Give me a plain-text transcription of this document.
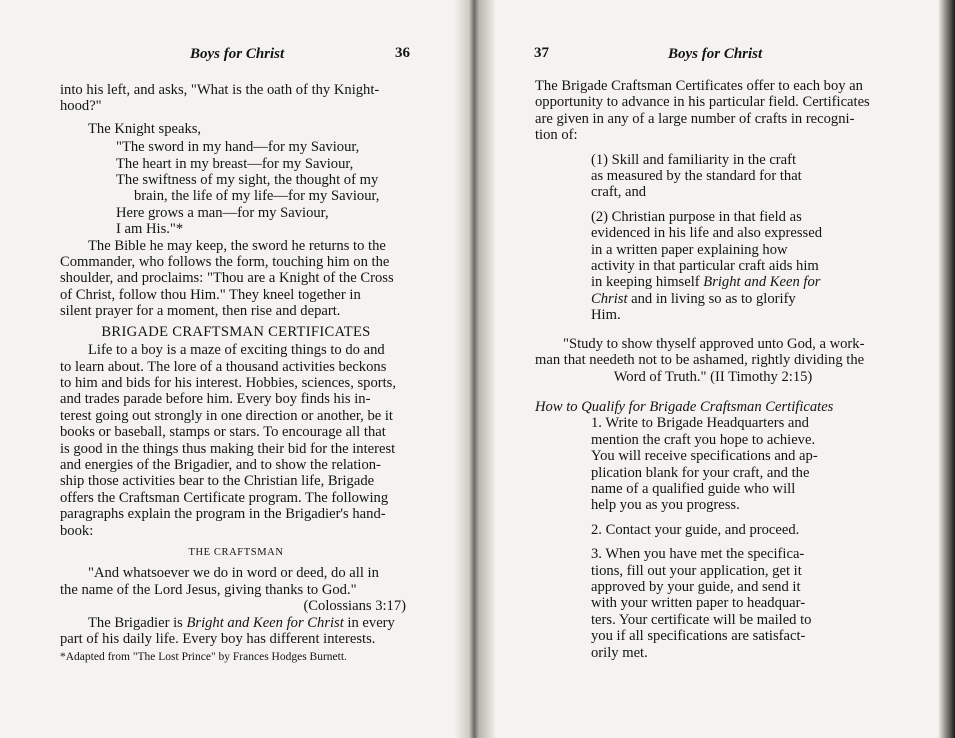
Boys for Christ	36

into his left, and asks, "What is the oath of thy Knight-

hood?"

The Knight speaks,

"The sword in my hand—for my Saviour,

The heart in my breast—for my Saviour,

The swiftness of my sight, the thought of my

brain, the life of my life—for my Saviour,

Here grows a man—for my Saviour,

I am His."*

The Bible he may keep, the sword he returns to the

Commander, who follows the form, touching him on the

shoulder, and proclaims: "Thou are a Knight of the Cross

of Christ, follow thou Him." They kneel together in

silent prayer for a moment, then rise and depart.

BRIGADE CRAFTSMAN CERTIFICATES

Life to a boy is a maze of exciting things to do and

to learn about. The lore of a thousand activities beckons

to him and bids for his interest. Hobbies, sciences, sports,

and trades parade before him. Every boy finds his in-

terest going out strongly in one direction or another, be it

books or baseball, stamps or stars. To encourage all that

is good in the things thus making their bid for the interest

and energies of the Brigadier, and to show the relation-

ship those activities bear to the Christian life, Brigade

offers the Craftsman Certificate program. The following

paragraphs explain the program in the Brigadier's hand-

book:

THE CRAFTSMAN

"And whatsoever we do in word or deed, do all in

the name of the Lord Jesus, giving thanks to God."

(Colossians 3:17)

The Brigadier is Bright and Keen for Christ in every

part of his daily life. Every boy has different interests.

*Adapted from "The Lost Prince" by Frances Hodges Burnett.

37	Boys for Christ

The Brigade Craftsman Certificates offer to each boy an

opportunity to advance in his particular field. Certificates

are given in any of a large number of crafts in recogni-

tion of:

(1) Skill and familiarity in the craft

as measured by the standard for that

craft, and

(2) Christian purpose in that field as

evidenced in his life and also expressed

in a written paper explaining how

activity in that particular craft aids him

in keeping himself Bright and Keen for

Christ and in living so as to glorify

Him.

"Study to show thyself approved unto God, a work-

man that needeth not to be ashamed, rightly dividing the

Word of Truth." (II Timothy 2:15)

How to Qualify for Brigade Craftsman Certificates

1. Write to Brigade Headquarters and

mention the craft you hope to achieve.

You will receive specifications and ap-

plication blank for your craft, and the

name of a qualified guide who will

help you as you progress.

2. Contact your guide, and proceed.

3. When you have met the specifica-

tions, fill out your application, get it

approved by your guide, and send it

with your written paper to headquar-

ters. Your certificate will be mailed to

you if all specifications are satisfact-

orily met.
